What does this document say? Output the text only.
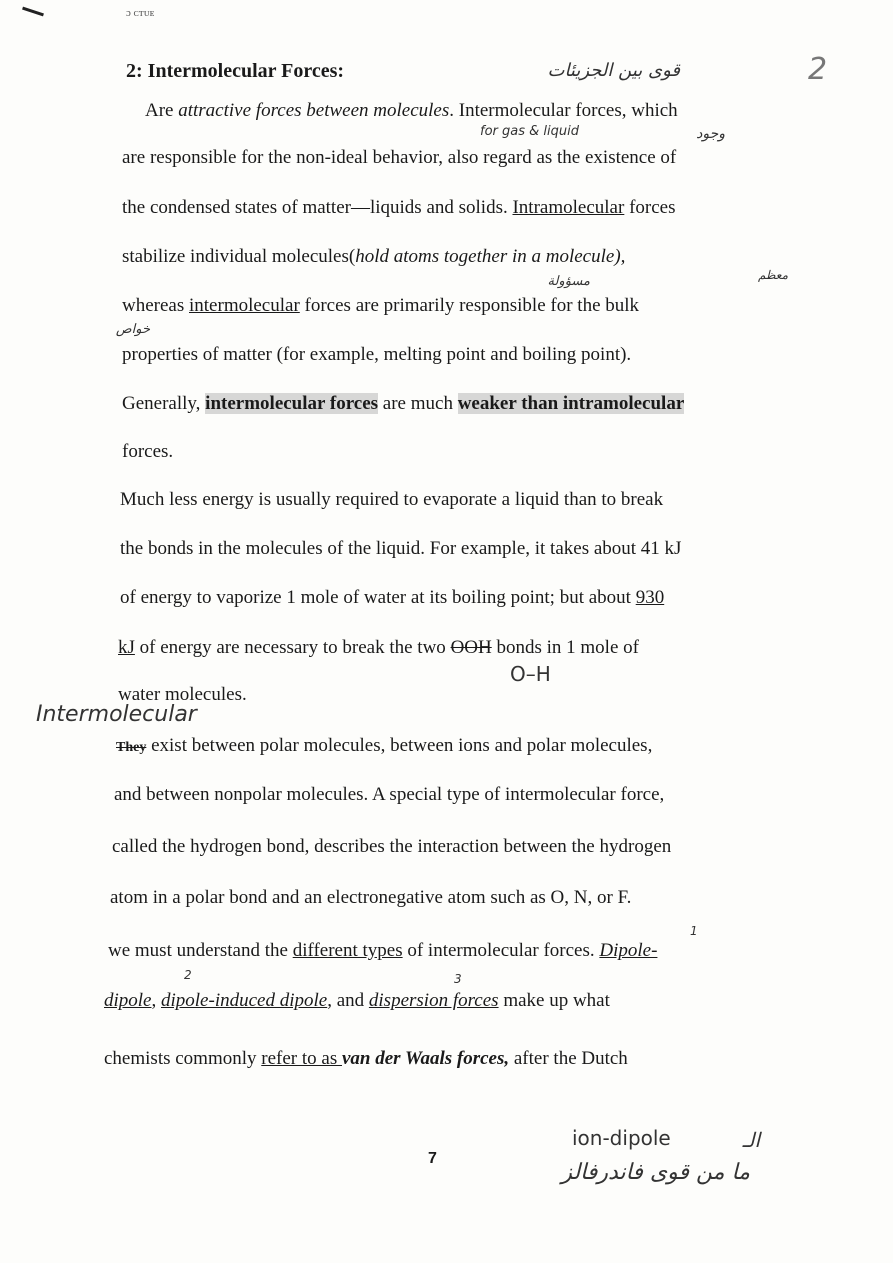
ɔ ᴄᴛᴜᴇ
2
2: Intermolecular Forces:	قوى بين الجزيئات
Are attractive forces between molecules. Intermolecular forces, which
for gas & liquid	وجود
are responsible for the non-ideal behavior, also regard as the existence of
the condensed states of matter—liquids and solids. Intramolecular forces
stabilize individual molecules(hold atoms together in a molecule),
مسؤولة	معظم
whereas intermolecular forces are primarily responsible for the bulk
خواص
properties of matter (for example, melting point and boiling point).
Generally, intermolecular forces are much weaker than intramolecular
forces.
Much less energy is usually required to evaporate a liquid than to break
the bonds in the molecules of the liquid. For example, it takes about 41 kJ
of energy to vaporize 1 mole of water at its boiling point; but about 930
kJ of energy are necessary to break the two OOH bonds in 1 mole of
O–H
water molecules.
Intermolecular
They exist between polar molecules, between ions and polar molecules,
and between nonpolar molecules. A special type of intermolecular force,
called the hydrogen bond, describes the interaction between the hydrogen
atom in a polar bond and an electronegative atom such as O, N, or F.
1
we must understand the different types of intermolecular forces. Dipole-
2	3
dipole, dipole-induced dipole, and dispersion forces make up what
chemists commonly refer to as van der Waals forces, after the Dutch
ion-dipole	الـ
7
ما من قوى فاندرفالز
